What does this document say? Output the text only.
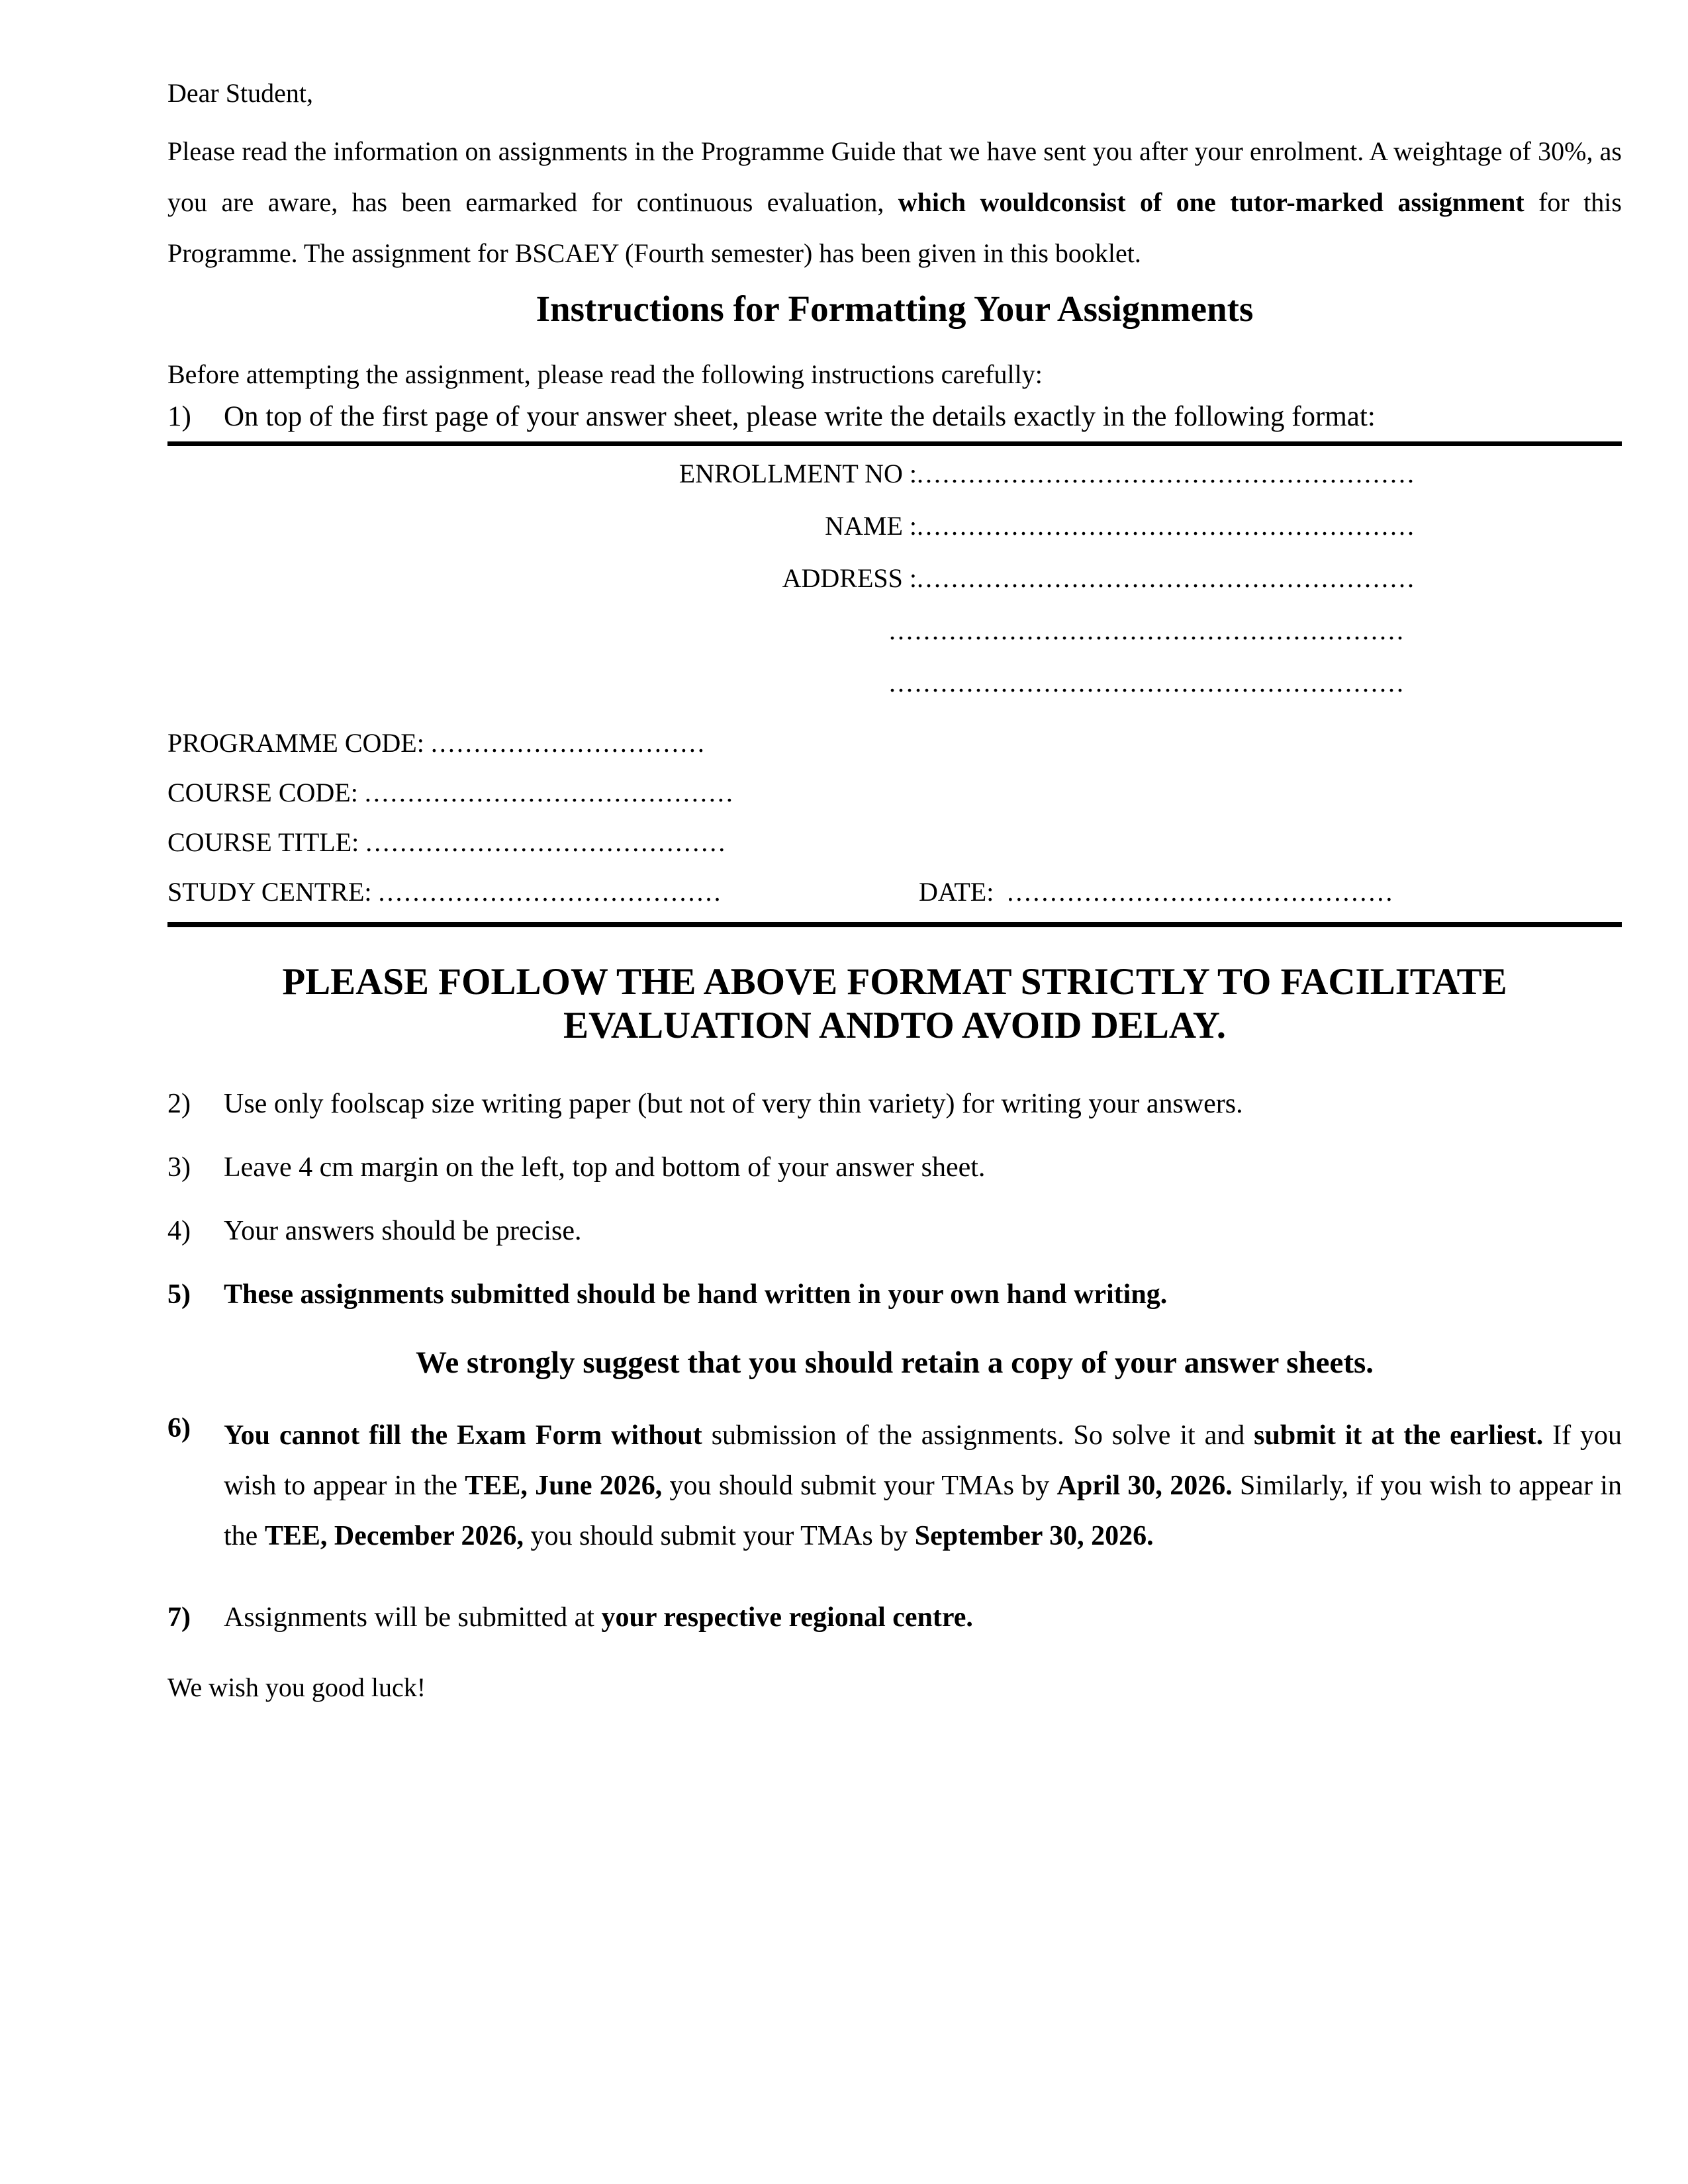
Dear Student,

Please read the information on assignments in the Programme Guide that we have sent you after your enrolment. A weightage of 30%, as you are aware, has been earmarked for continuous evaluation, which wouldconsist of one tutor-marked assignment for this Programme. The assignment for BSCAEY (Fourth semester) has been given in this booklet.

Instructions for Formatting Your Assignments

Before attempting the assignment, please read the following instructions carefully:

1)	On top of the first page of your answer sheet, please write the details exactly in the following format:
ENROLLMENT NO : ..........................................................
NAME : ..........................................................
ADDRESS : ..........................................................
............................................................
............................................................
PROGRAMME CODE: ................................
COURSE CODE: ...........................................
COURSE TITLE: ..........................................
STUDY CENTRE: ........................................	DATE: .............................................

PLEASE FOLLOW THE ABOVE FORMAT STRICTLY TO FACILITATE
EVALUATION ANDTO AVOID DELAY.

2)	Use only foolscap size writing paper (but not of very thin variety) for writing your answers.
3)	Leave 4 cm margin on the left, top and bottom of your answer sheet.
4)	Your answers should be precise.
5)	These assignments submitted should be hand written in your own hand writing.

We strongly suggest that you should retain a copy of your answer sheets.

6)	You cannot fill the Exam Form without submission of the assignments. So solve it and submit it at the earliest. If you wish to appear in the TEE, June 2026, you should submit your TMAs by April 30, 2026. Similarly, if you wish to appear in the TEE, December 2026, you should submit your TMAs by September 30, 2026.
7)	Assignments will be submitted at your respective regional centre.

We wish you good luck!
